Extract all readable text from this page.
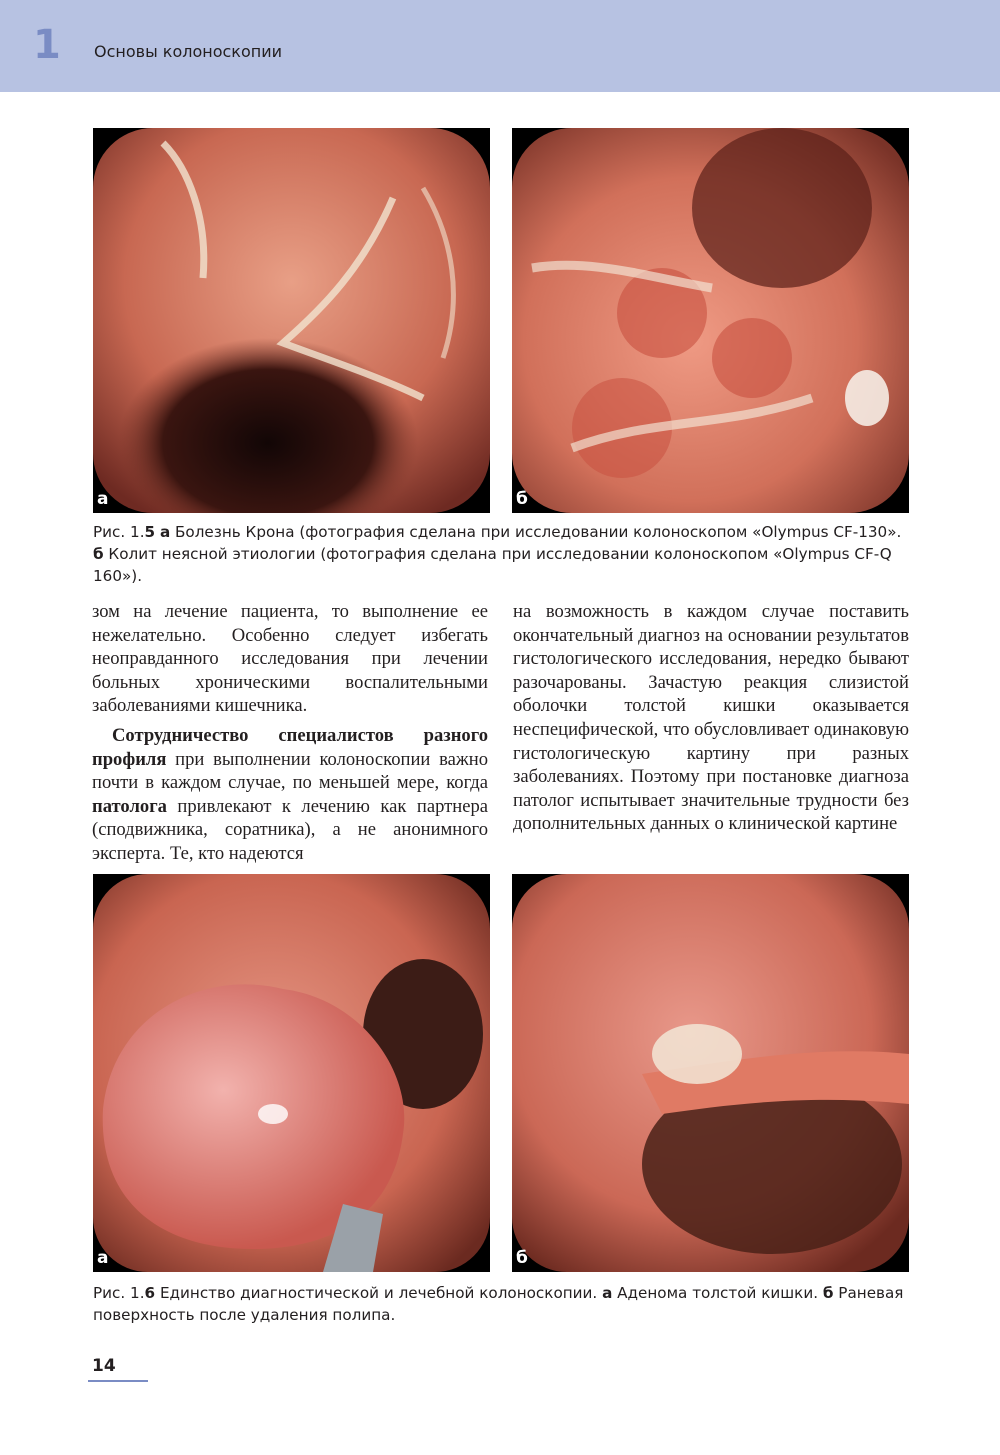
1 Основы колоноскопии
а	б
Рис. 1.5 а Болезнь Крона (фотография сделана при исследовании колоноскопом «Olympus CF-130». б Колит неясной этиологии (фотография сделана при исследовании колоноскопом «Olympus CF-Q 160»).

зом на лечение пациента, то выполнение ее нежелательно. Особенно следует избегать неоправданного исследования при лечении больных хроническими воспалительными заболеваниями кишечника.

Сотрудничество специалистов разного профиля при выполнении колоноскопии важно почти в каждом случае, по меньшей мере, когда патолога привлекают к лечению как партнера (сподвижника, соратника), а не анонимного эксперта. Те, кто надеются

на возможность в каждом случае поставить окончательный диагноз на основании результатов гистологического исследования, нередко бывают разочарованы. Зачастую реакция слизистой оболочки толстой кишки оказывается неспецифической, что обусловливает одинаковую гистологическую картину при разных заболеваниях. Поэтому при постановке диагноза патолог испытывает значительные трудности без дополнительных данных о клинической картине

а	б
Рис. 1.6 Единство диагностической и лечебной колоноскопии. а Аденома толстой кишки. б Раневая поверхность после удаления полипа.
14
